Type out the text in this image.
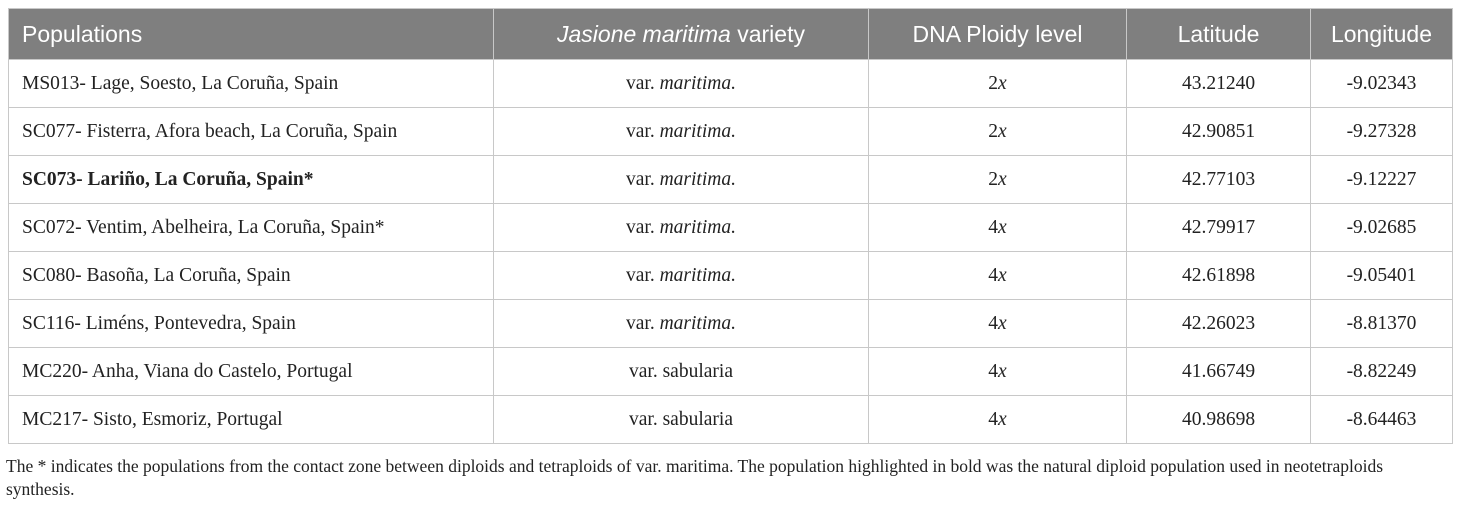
Populations	Jasione maritima variety	DNA Ploidy level	Latitude	Longitude
MS013- Lage, Soesto, La Coruña, Spain	var. maritima.	2x	43.21240	-9.02343
SC077- Fisterra, Afora beach, La Coruña, Spain	var. maritima.	2x	42.90851	-9.27328
SC073- Lariño, La Coruña, Spain*	var. maritima.	2x	42.77103	-9.12227
SC072- Ventim, Abelheira, La Coruña, Spain*	var. maritima.	4x	42.79917	-9.02685
SC080- Basoña, La Coruña, Spain	var. maritima.	4x	42.61898	-9.05401
SC116- Liméns, Pontevedra, Spain	var. maritima.	4x	42.26023	-8.81370
MC220- Anha, Viana do Castelo, Portugal	var. sabularia	4x	41.66749	-8.82249
MC217- Sisto, Esmoriz, Portugal	var. sabularia	4x	40.98698	-8.64463

The * indicates the populations from the contact zone between diploids and tetraploids of var. maritima. The population highlighted in bold was the natural diploid population used in neotetraploids synthesis.
